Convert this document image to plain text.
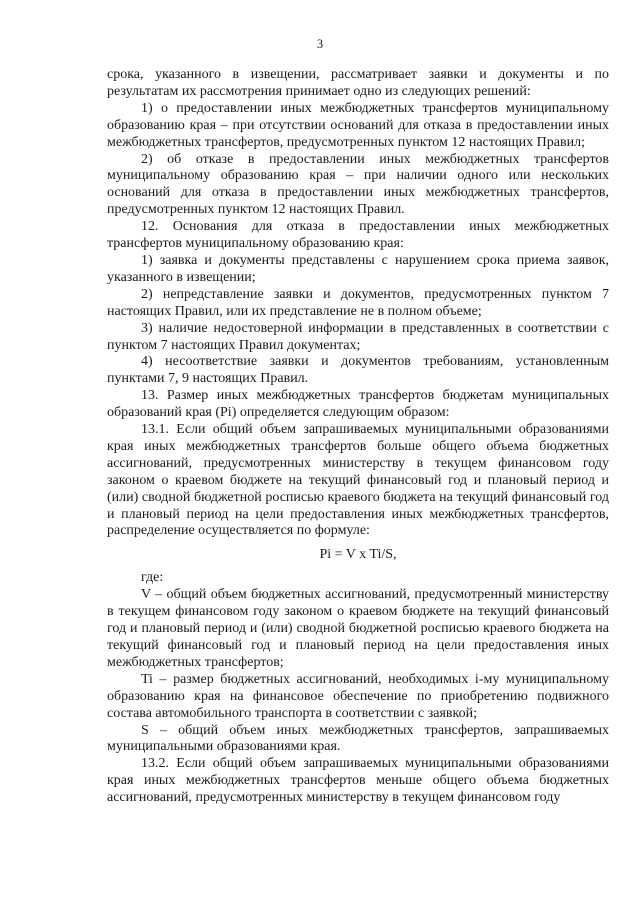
3

срока, указанного в извещении, рассматривает заявки и документы и по результатам их рассмотрения принимает одно из следующих решений:

1) о предоставлении иных межбюджетных трансфертов муниципальному образованию края – при отсутствии оснований для отказа в предоставлении иных межбюджетных трансфертов, предусмотренных пунктом 12 настоящих Правил;

2) об отказе в предоставлении иных межбюджетных трансфертов муниципальному образованию края – при наличии одного или нескольких оснований для отказа в предоставлении иных межбюджетных трансфертов, предусмотренных пунктом 12 настоящих Правил.

12. Основания для отказа в предоставлении иных межбюджетных трансфертов муниципальному образованию края:

1) заявка и документы представлены с нарушением срока приема заявок, указанного в извещении;

2) непредставление заявки и документов, предусмотренных пунктом 7 настоящих Правил, или их представление не в полном объеме;

3) наличие недостоверной информации в представленных в соответствии с пунктом 7 настоящих Правил документах;

4) несоответствие заявки и документов требованиям, установленным пунктами 7, 9 настоящих Правил.

13. Размер иных межбюджетных трансфертов бюджетам муниципальных образований края (Pi) определяется следующим образом:

13.1. Если общий объем запрашиваемых муниципальными образованиями края иных межбюджетных трансфертов больше общего объема бюджетных ассигнований, предусмотренных министерству в текущем финансовом году законом о краевом бюджете на текущий финансовый год и плановый период и (или) сводной бюджетной росписью краевого бюджета на текущий финансовый год и плановый период на цели предоставления иных межбюджетных трансфертов, распределение осуществляется по формуле:

Pi = V x Ti/S,

где:

V – общий объем бюджетных ассигнований, предусмотренный министерству в текущем финансовом году законом о краевом бюджете на текущий финансовый год и плановый период и (или) сводной бюджетной росписью краевого бюджета на текущий финансовый год и плановый период на цели предоставления иных межбюджетных трансфертов;

Ti – размер бюджетных ассигнований, необходимых i-му муниципальному образованию края на финансовое обеспечение по приобретению подвижного состава автомобильного транспорта в соответствии с заявкой;

S – общий объем иных межбюджетных трансфертов, запрашиваемых муниципальными образованиями края.

13.2. Если общий объем запрашиваемых муниципальными образованиями края иных межбюджетных трансфертов меньше общего объема бюджетных ассигнований, предусмотренных министерству в текущем финансовом году
